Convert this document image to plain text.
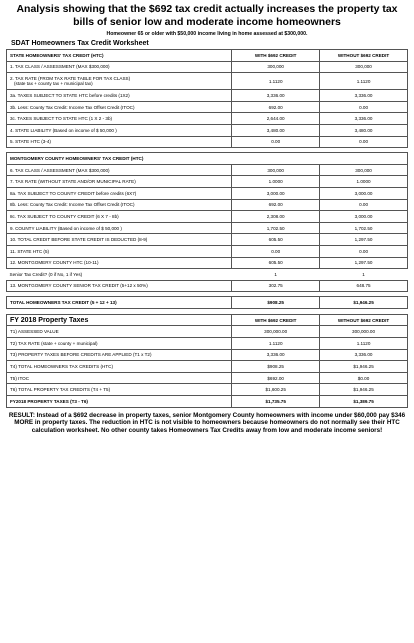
Analysis showing that the $692 tax credit actually increases the property tax bills of senior low and moderate income homeowners
Homeowner 65 or older with $50,000 income living in home assessed at $300,000.
SDAT Homeowners Tax Credit Worksheet
STATE HOMEOWNERS' TAX CREDIT (HTC)	WITH $692 CREDIT	WITHOUT $692 CREDIT
1. TAX CLASS / ASSESSMENT (MAX $300,000)	300,000	300,000

2. TAX RATE (FROM TAX RATE TABLE FOR TAX CLASS)
(state tax + county tax + municipal tax)	1.1120	1.1120
3a. TAXES SUBJECT TO STATE HTC before credits (1X2)	3,336.00	3,336.00
3b. Less: County Tax Credit: Income Tax Offset Credit (ITOC)	692.00	0.00
3c. TAXES SUBJECT TO STATE HTC (1 X 2 - 3b)	2,644.00	3,336.00
4. STATE LIABILITY (Based on income of $ 50,000 )	3,480.00	3,480.00
5. STATE HTC (3-4)	0.00	0.00

MONTGOMERY COUNTY HOMEOWNERS' TAX CREDIT (HTC)		
6. TAX CLASS / ASSESSMENT (MAX $300,000)	300,000	300,000
7. TAX RATE (WITHOUT STATE AND/OR MUNICIPAL RATE)	1.0000	1.0000
8a. TAX SUBJECT TO COUNTY CREDIT before credits (6X7)	3,000.00	3,000.00
8b. Less: County Tax Credit: Income Tax Offset Credit (ITOC)	692.00	0.00
8c. TAX SUBJECT TO COUNTY CREDIT (6 X 7 - 8b)	2,308.00	3,000.00
9. COUNTY LIABILITY (Based on income of $ 50,000 )	1,702.50	1,702.50
10. TOTAL CREDIT BEFORE STATE CREDIT IS DEDUCTED (8-9)	605.50	1,297.50
11. STATE HTC (5)	0.00	0.00
12. MONTGOMERY COUNTY HTC (10-11)	605.50	1,297.50
Senior Tax Credit? (0 if No, 1 if Yes)	1	1
13. MONTGOMERY COUNTY SENIOR TAX CREDIT (5+12 x 50%)	302.75	648.75

TOTAL HOMEOWNERS TAX CREDIT (5 + 12 + 13)	$908.25	$1,946.25
FY 2018 Property Taxes	WITH $692 CREDIT	WITHOUT $692 CREDIT
T1) ASSESSED VALUE	300,000.00	300,000.00
T2) TAX RATE (state + county + municipal)	1.1120	1.1120
T3) PROPERTY TAXES BEFORE CREDITS ARE APPLIED (T1 x T2)	3,336.00	3,336.00
T4) TOTAL HOMEOWNERS TAX CREDITS (HTC)	$908.25	$1,946.25
T5) ITOC	$692.00	$0.00
T6) TOTAL PROPERTY TAX CREDITS (T4 + T5)	$1,600.25	$1,946.25
FY2018 PROPERTY TAXES (T3 - T6)	$1,735.75	$1,389.75
RESULT: Instead of a $692 decrease in property taxes, senior Montgomery County homeowners with income under $60,000 pay $346 MORE in property taxes. The reduction in HTC is not visible to homeowners because homeowners do not normally see their HTC calculation worksheet. No other county takes Homeowners Tax Credits away from low and moderate income seniors!
